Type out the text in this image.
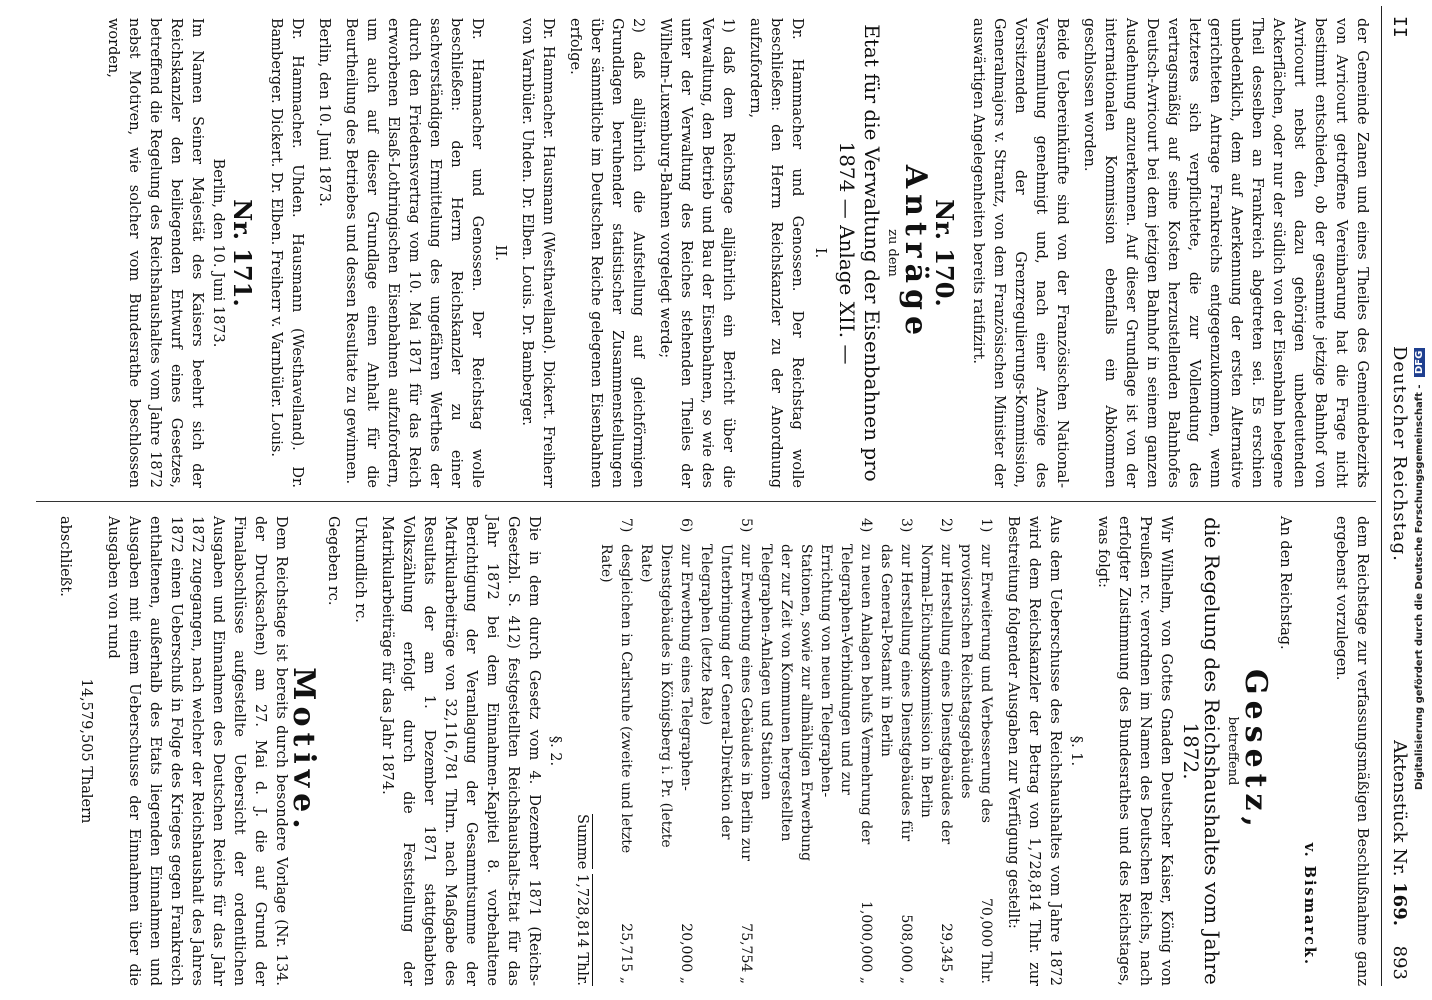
II
Deutscher Reichstag.
Aktenstück Nr. 169.
893

der Gemeinde Zanen und eines Theiles des Gemeindebezirks von Avricourt getroffene Vereinbarung hat die Frage nicht bestimmt entschieden, ob der gesammte jetzige Bahnhof von Avricourt nebst den dazu gehörigen unbedeutenden Ackerflächen, oder nur der südlich von der Eisenbahn belegene Theil desselben an Frankreich abgetreten sei. Es erschien unbedenklich, dem auf Anerkennung der ersten Alternative gerichteten Antrage Frankreichs entgegenzukommen, wenn letzteres sich verpflichtete, die zur Vollendung des vertragsmäßig auf seine Kosten herzustellenden Bahnhofes Deutsch-Avricourt bei dem jetzigen Bahnhof in seinem ganzen Ausdehnung anzuerkennen. Auf dieser Grundlage ist von der internationalen Kommission ebenfalls ein Abkommen geschlossen worden.

Beide Uebereinkünfte sind von der Französischen National-Versammlung genehmigt und, nach einer Anzeige des Vorsitzenden der Grenzregulierungs-Kommission, Generalmajors v. Strantz, von dem Französischen Minister der auswärtigen Angelegenheiten bereits ratifizirt.

Nr. 170.
Anträge
zu dem
Etat für die Verwaltung der Eisenbahnen pro
1874 — Anlage XII. —
I.

Dr. Hammacher und Genossen. Der Reichstag wolle beschließen: den Herrn Reichskanzler zu der Anordnung aufzufordern,

1) daß dem Reichstage alljährlich ein Bericht über die Verwaltung, den Betrieb und Bau der Eisenbahnen, so wie des unter der Verwaltung des Reiches stehenden Theiles der Wilhelm-Luxemburg-Bahnen vorgelegt werde;

2) daß alljährlich die Aufstellung auf gleichförmigen Grundlagen beruhender statistischer Zusammenstellungen über sämmtliche im Deutschen Reiche gelegenen Eisenbahnen erfolge.

Dr. Hammacher. Hausmann (Westhavelland). Dickert. Freiherr von Varnbüler. Uhden. Dr. Elben. Louis. Dr. Bamberger.

II.

Dr. Hammacher und Genossen. Der Reichstag wolle beschließen: den Herrn Reichskanzler zu einer sachverständigen Ermittelung des ungefähren Werthes der durch den Friedensvertrag vom 10. Mai 1871 für das Reich erworbenen Elsaß-Lothringischen Eisenbahnen aufzufordern, um auch auf dieser Grundlage einen Anhalt für die Beurtheilung des Betriebes und dessen Resultate zu gewinnen.

Berlin, den 10. Juni 1873.

Dr. Hammacher. Uhden. Hausmann (Westhavelland). Dr. Bamberger. Dickert. Dr. Elben. Freiherr v. Varnbüler. Louis.

Nr. 171.
Berlin, den 10. Juni 1873.

Im Namen Seiner Majestät des Kaisers beehrt sich der Reichskanzler den beiliegenden Entwurf eines Gesetzes, betreffend die Regelung des Reichshaushaltes vom Jahre 1872 nebst Motiven, wie solcher vom Bundesrathe beschlossen worden,

dem Reichstage zur verfassungsmäßigen Beschlußnahme ganz ergebenst vorzulegen.

v. Bismarck.

An den Reichstag.

Gesetz,
betreffend
die Regelung des Reichshaushaltes vom Jahre 1872.

Wir Wilhelm, von Gottes Gnaden Deutscher Kaiser, König von Preußen rc. verordnen im Namen des Deutschen Reichs, nach erfolgter Zustimmung des Bundesrathes und des Reichstages, was folgt:

§. 1.

Aus dem Ueberschusse des Reichshaushaltes vom Jahre 1872 wird dem Reichskanzler der Betrag von 1,728,814 Thlr. zur Bestreitung folgender Ausgaben zur Verfügung gestellt:

1)	zur Erweiterung und Verbesserung des provisorischen Reichstagsgebäudes	70,000 Thlr.
2)	zur Herstellung eines Dienstgebäudes der Normal-Eichungskommission in Berlin	29,345 „
3)	zur Herstellung eines Dienstgebäudes für das General-Postamt in Berlin	508,000 „
4)	zu neuen Anlagen behufs Vermehrung der Telegraphen-Verbindungen und zur Errichtung von neuen Telegraphen-Stationen, sowie zur allmähligen Erwerbung der zur Zeit von Kommunen hergestellten Telegraphen-Anlagen und Stationen	1,000,000 „
5)	zur Erwerbung eines Gebäudes in Berlin zur Unterbringung der General-Direktion der Telegraphen (letzte Rate)	75,754 „
6)	zur Erwerbung eines Telegraphen-Dienstgebäudes in Königsberg i. Pr. (letzte Rate)	20,000 „
7)	desgleichen in Carlsruhe (zweite und letzte Rate)	25,715 „
Summe 1,728,814 Thlr.
§. 2.

Die in dem durch Gesetz vom 4. Dezember 1871 (Reichs-Gesetzbl. S. 412) festgestellten Reichshaushalts-Etat für das Jahr 1872 bei dem Einnahmen-Kapitel 8. vorbehaltene Berichtigung der Veranlagung der Gesammtsumme der Matrikularbeiträge von 32,116,781 Thlrn. nach Maßgabe des Resultats der am 1. Dezember 1871 stattgehabten Volkszählung erfolgt durch die Feststellung der Matrikularbeiträge für das Jahr 1874.

Urkundlich rc.

Gegeben rc.

Motive.

Dem Reichstage ist bereits durch besondere Vorlage (Nr. 134. der Drucksachen) am 27. Mai d. J. die auf Grund der Finalabschlüsse aufgestellte Uebersicht der ordentlichen Ausgaben und Einnahmen des Deutschen Reichs für das Jahr 1872 zugegangen, nach welcher der Reichshaushalt des Jahres 1872 einen Ueberschuß in Folge des Krieges gegen Frankreich enthaltenen, außerhalb des Etats liegenden Einnahmen und Ausgaben mit einem Ueberschusse der Einnahmen über die Ausgaben von rund

14,579,505 Thalern

abschließt.	Digitalisierung gefördert durch die Deutsche Forschungsgemeinschaft - DFG
